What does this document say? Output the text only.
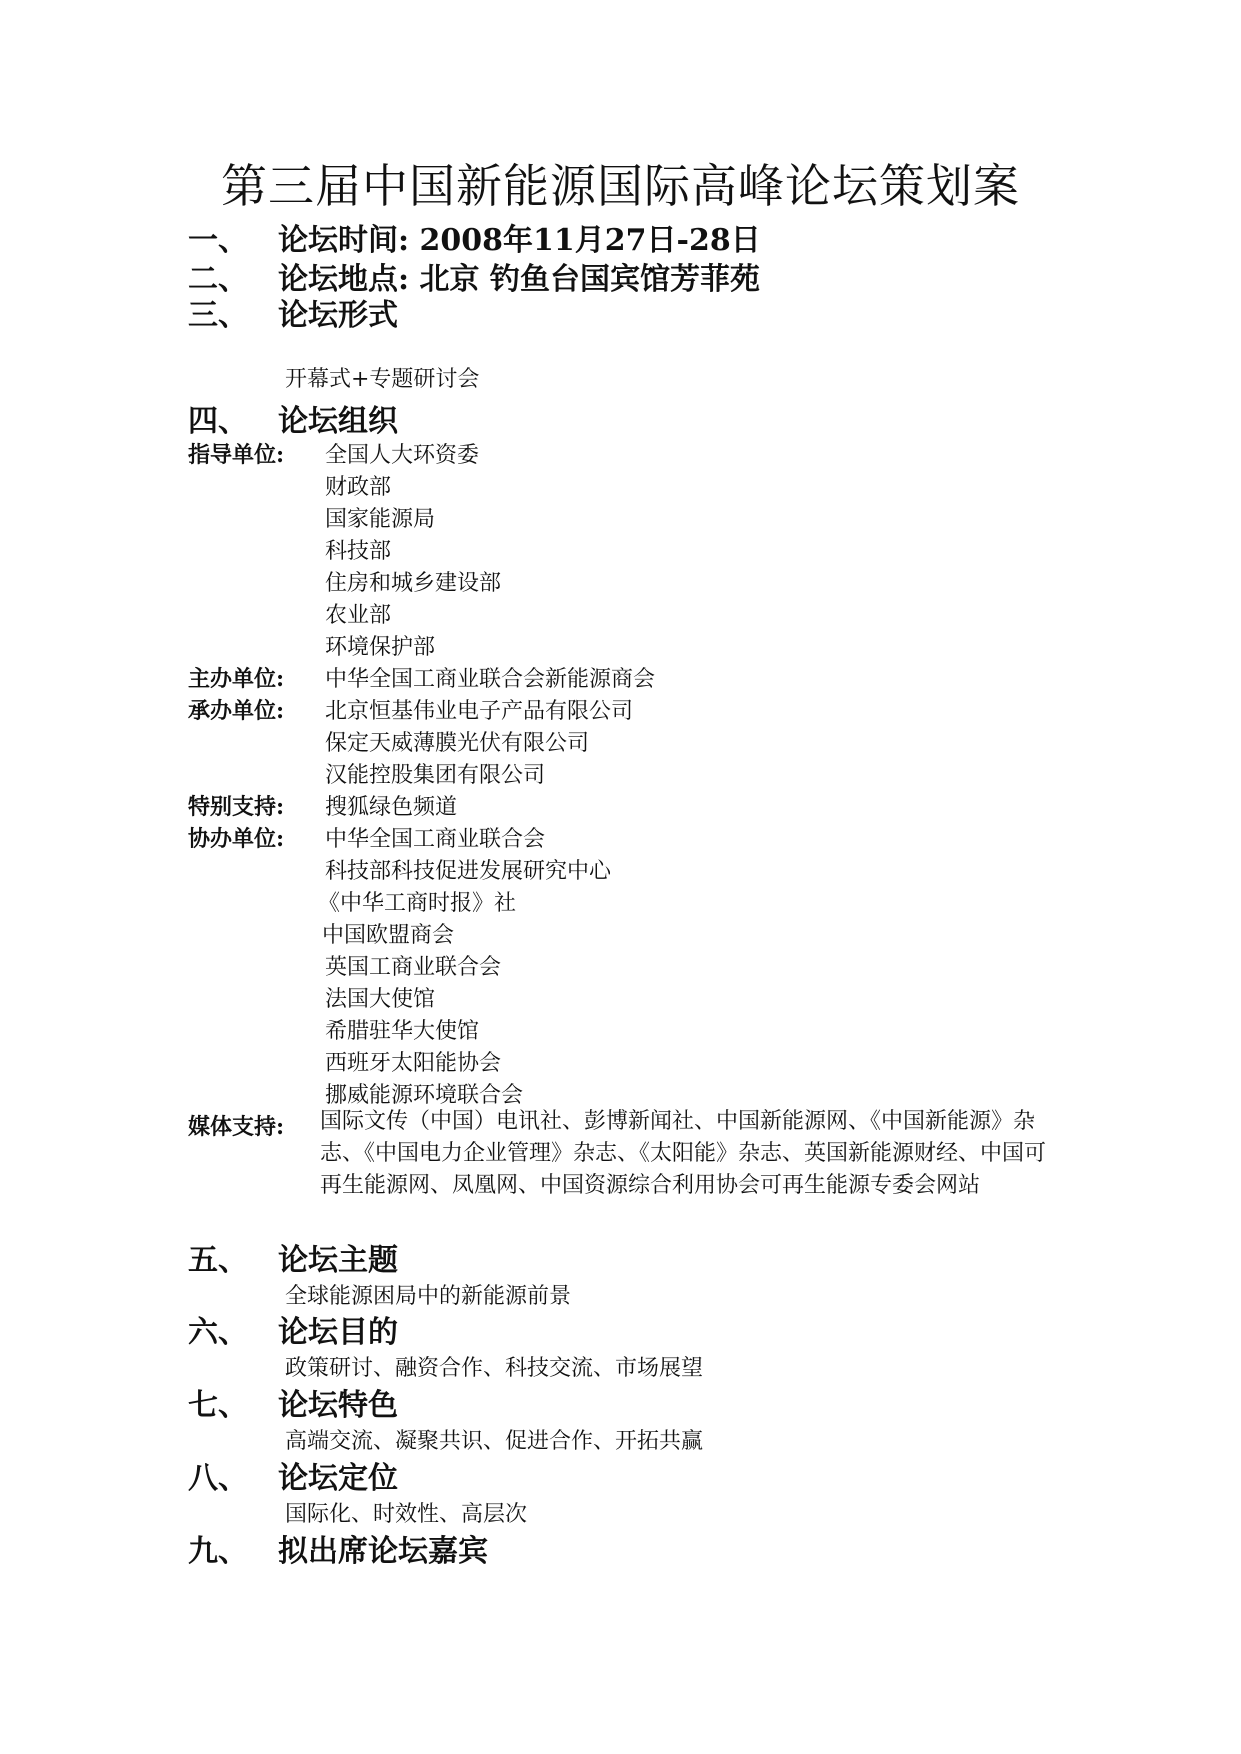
第三届中国新能源国际高峰论坛策划案
一、 论坛时间: 2008年11月27日-28日
二、 论坛地点: 北京 钓鱼台国宾馆芳菲苑
三、 论坛形式
开幕式+专题研讨会
四、 论坛组织
指导单位: 全国人大环资委
财政部
国家能源局
科技部
住房和城乡建设部
农业部
环境保护部
主办单位: 中华全国工商业联合会新能源商会
承办单位: 北京恒基伟业电子产品有限公司
保定天威薄膜光伏有限公司
汉能控股集团有限公司
特别支持: 搜狐绿色频道
协办单位: 中华全国工商业联合会
科技部科技促进发展研究中心
《中华工商时报》社
中国欧盟商会
英国工商业联合会
法国大使馆
希腊驻华大使馆
西班牙太阳能协会
挪威能源环境联合会
媒体支持: 国际文传（中国）电讯社、彭博新闻社、中国新能源网、《中国新能源》杂志、《中国电力企业管理》杂志、《太阳能》杂志、英国新能源财经、中国可再生能源网、凤凰网、中国资源综合利用协会可再生能源专委会网站
五、 论坛主题
全球能源困局中的新能源前景
六、 论坛目的
政策研讨、融资合作、科技交流、市场展望
七、 论坛特色
高端交流、凝聚共识、促进合作、开拓共赢
八、 论坛定位
国际化、时效性、高层次
九、 拟出席论坛嘉宾
